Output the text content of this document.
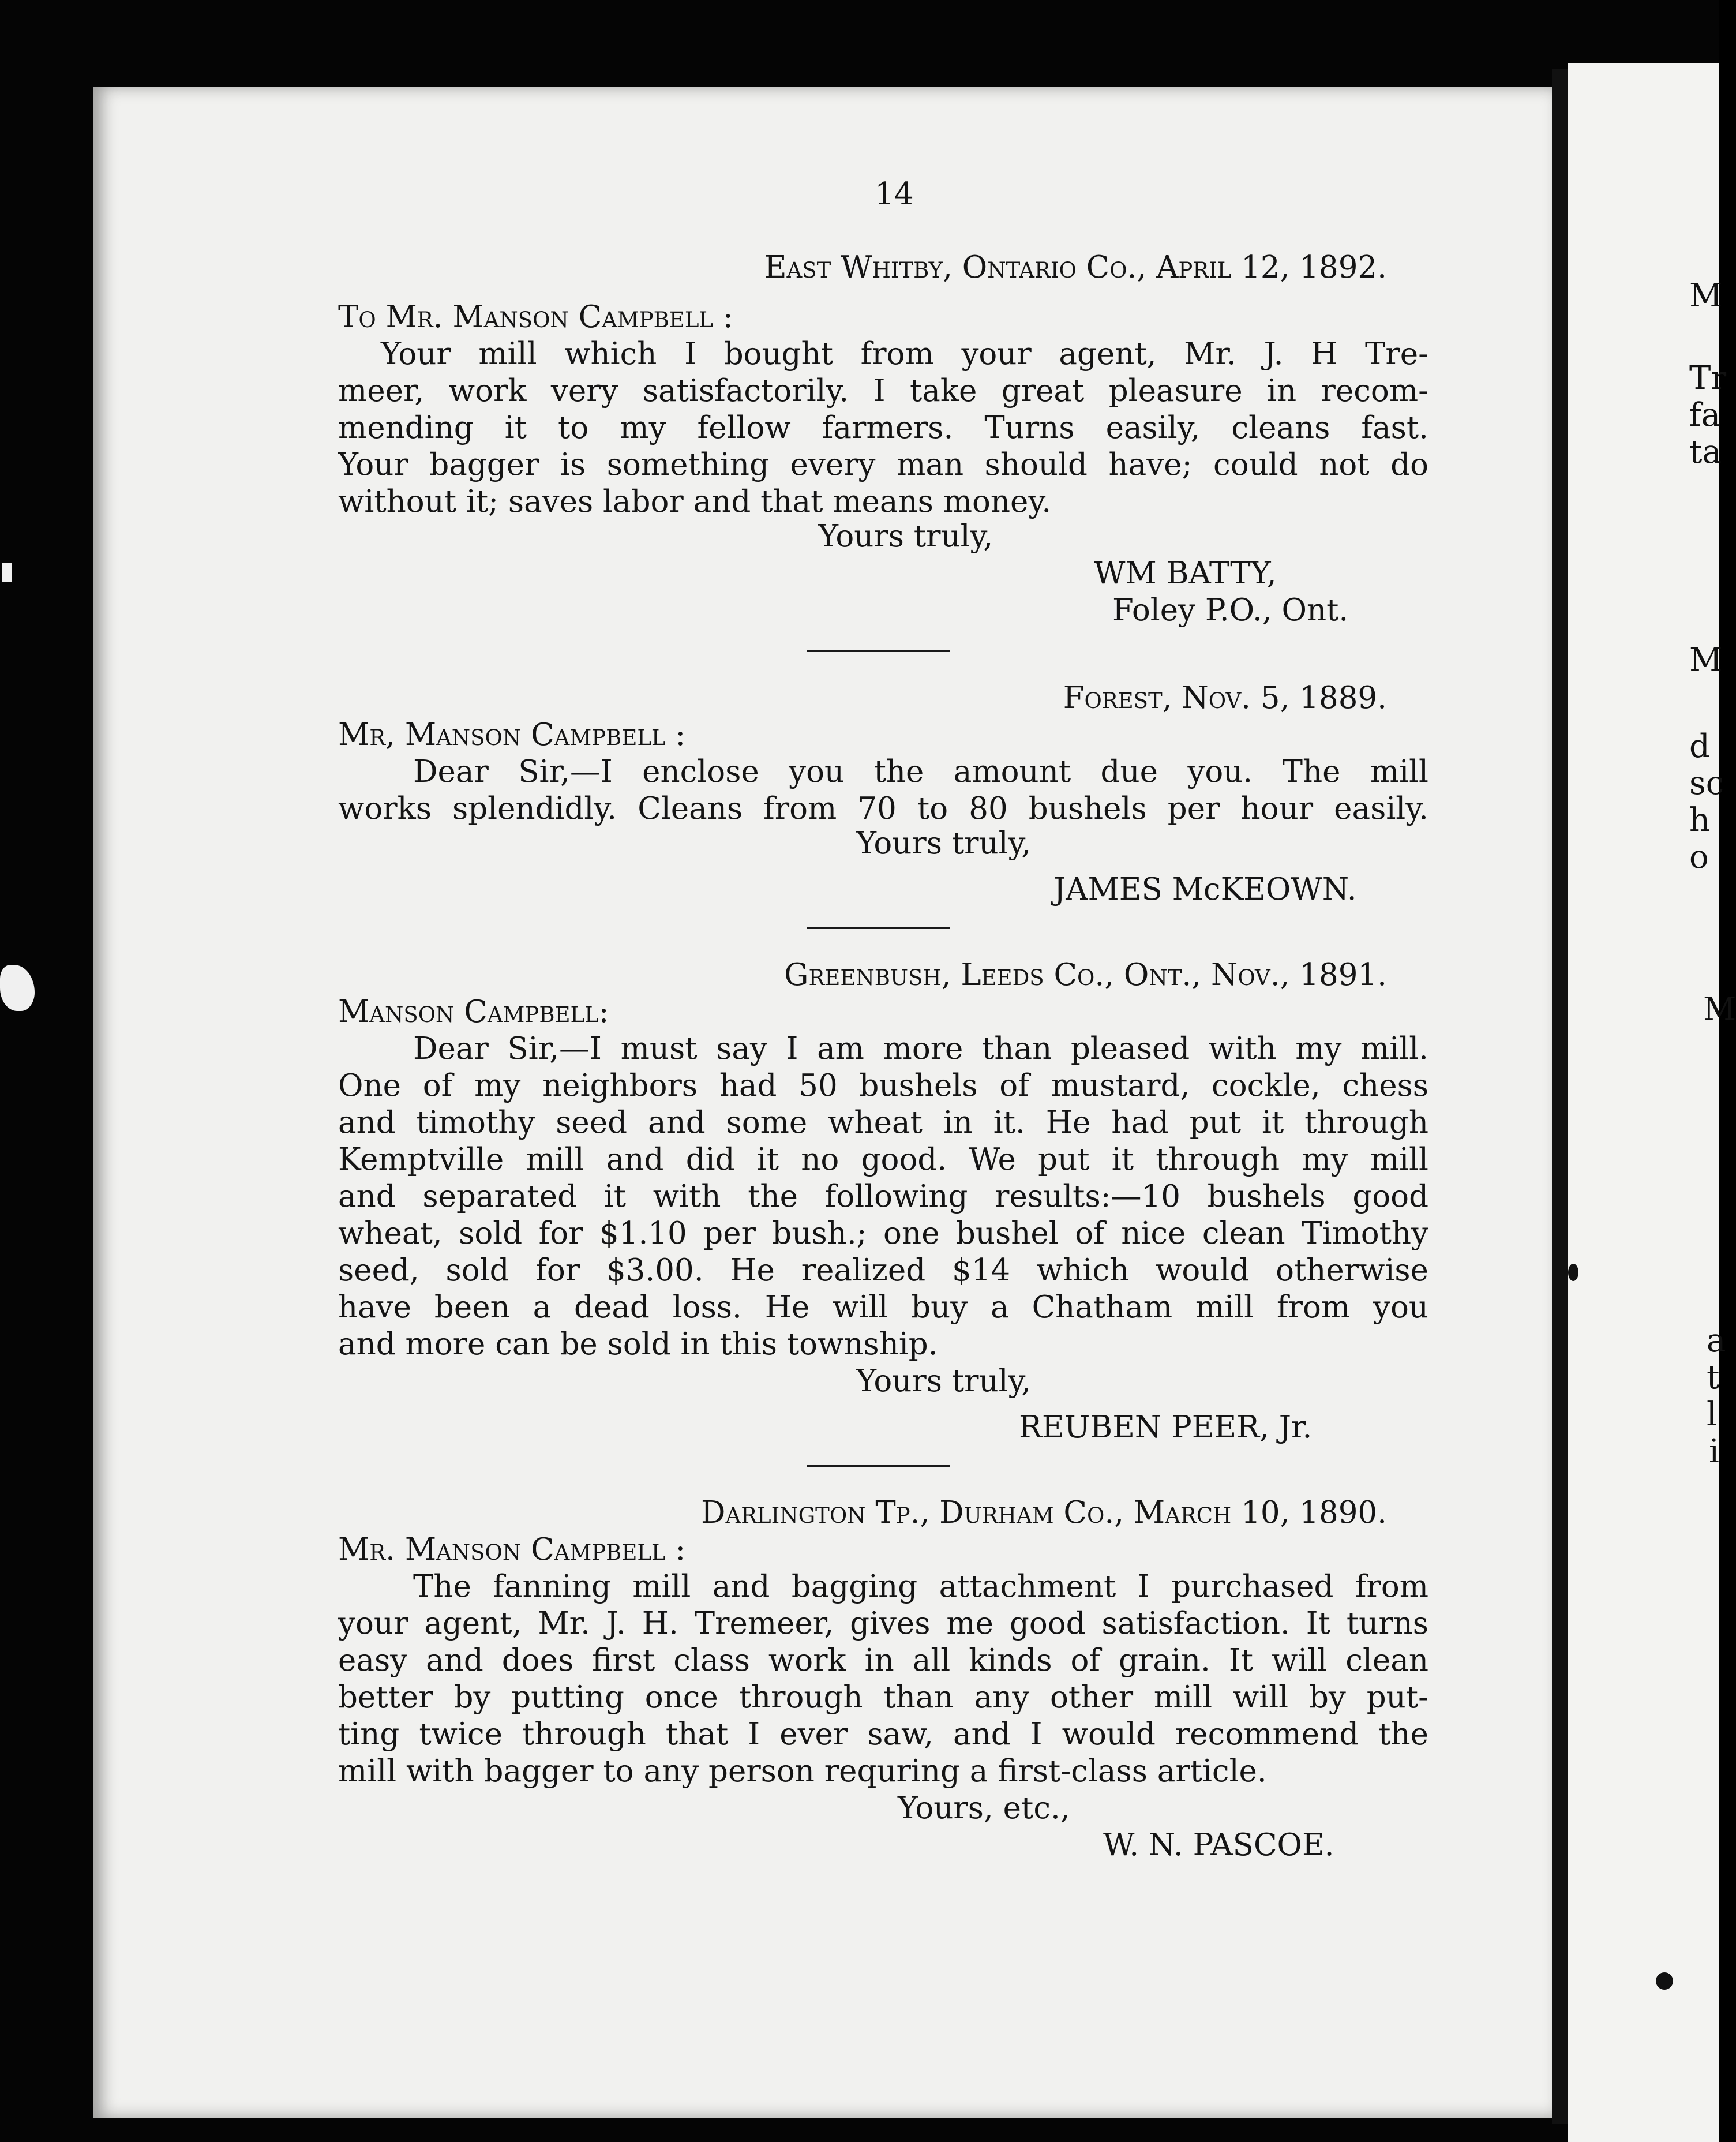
M
Tr
fa
ta
M
d
sc
h
o
M
a
t
l
i

14

East Whitby, Ontario Co., April 12, 1892.

To Mr. Manson Campbell :

Your mill which I bought from your agent, Mr. J. H Tre-

meer, work very satisfactorily. I take great pleasure in recom-

mending it to my fellow farmers. Turns easily, cleans fast.

Your bagger is something every man should have; could not do

without it; saves labor and that means money.

Yours truly,

WM BATTY,

Foley P.O., Ont.

Forest, Nov. 5, 1889.

Mr, Manson Campbell :

Dear Sir,—I enclose you the amount due you. The mill

works splendidly. Cleans from 70 to 80 bushels per hour easily.

Yours truly,

JAMES McKEOWN.

Greenbush, Leeds Co., Ont., Nov., 1891.

Manson Campbell:

Dear Sir,—I must say I am more than pleased with my mill.

One of my neighbors had 50 bushels of mustard, cockle, chess

and timothy seed and some wheat in it. He had put it through

Kemptville mill and did it no good. We put it through my mill

and separated it with the following results:—10 bushels good

wheat, sold for $1.10 per bush.; one bushel of nice clean Timothy

seed, sold for $3.00. He realized $14 which would otherwise

have been a dead loss. He will buy a Chatham mill from you

and more can be sold in this township.

Yours truly,

REUBEN PEER, Jr.

Darlington Tp., Durham Co., March 10, 1890.

Mr. Manson Campbell :

The fanning mill and bagging attachment I purchased from

your agent, Mr. J. H. Tremeer, gives me good satisfaction. It turns

easy and does first class work in all kinds of grain. It will clean

better by putting once through than any other mill will by put-

ting twice through that I ever saw, and I would recommend the

mill with bagger to any person requring a first-class article.

Yours, etc.,

W. N. PASCOE.
